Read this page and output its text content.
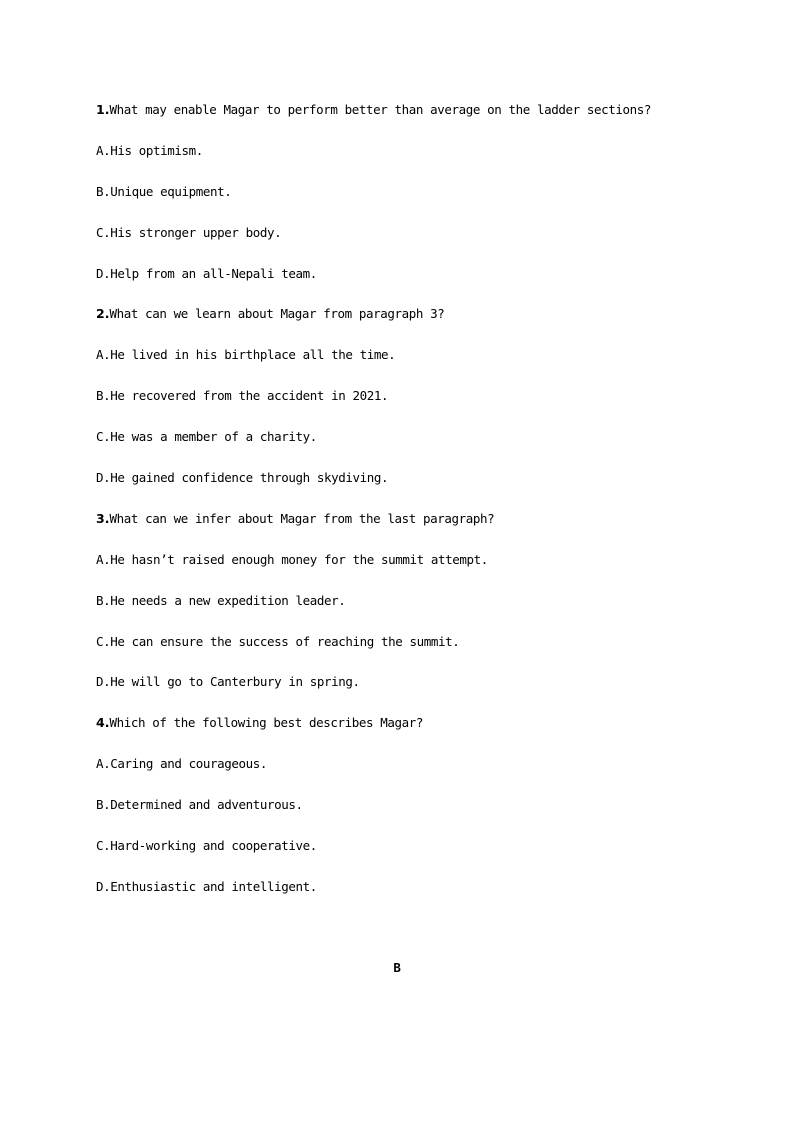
1.What may enable Magar to perform better than average on the ladder sections?
A.His optimism.
B.Unique equipment.
C.His stronger upper body.
D.Help from an all-Nepali team.
2.What can we learn about Magar from paragraph 3?
A.He lived in his birthplace all the time.
B.He recovered from the accident in 2021.
C.He was a member of a charity.
D.He gained confidence through skydiving.
3.What can we infer about Magar from the last paragraph?
A.He hasn’t raised enough money for the summit attempt.
B.He needs a new expedition leader.
C.He can ensure the success of reaching the summit.
D.He will go to Canterbury in spring.
4.Which of the following best describes Magar?
A.Caring and courageous.
B.Determined and adventurous.
C.Hard-working and cooperative.
D.Enthusiastic and intelligent.
B
